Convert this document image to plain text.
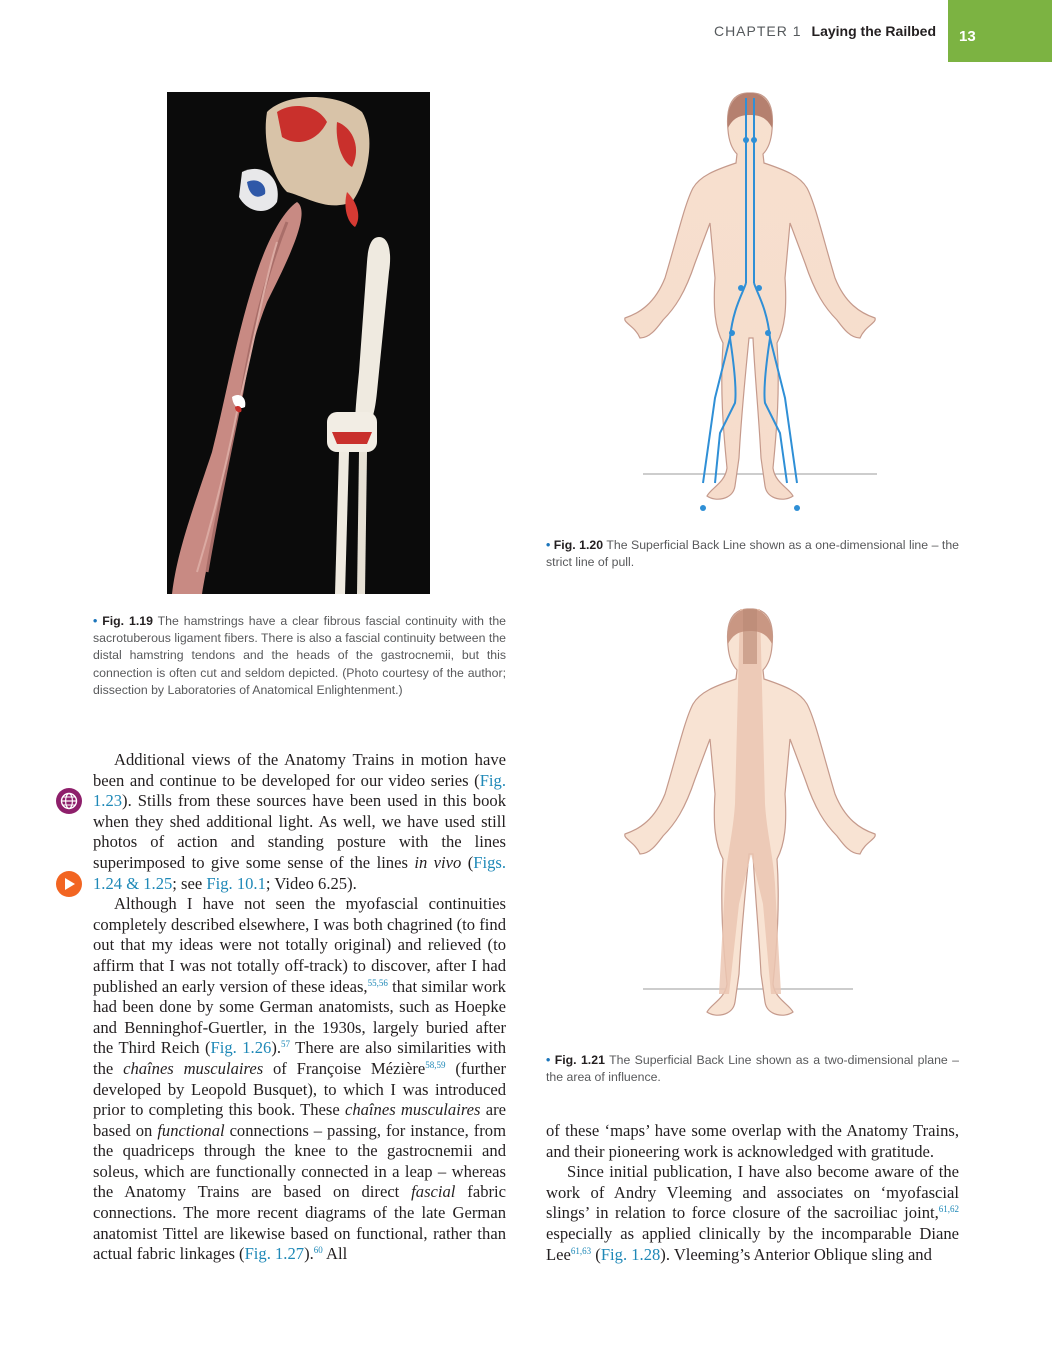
CHAPTER 1 Laying the Railbed	13
• Fig. 1.19 The hamstrings have a clear fibrous fascial continuity with the sacrotuberous ligament fibers. There is also a fascial continuity between the distal hamstring tendons and the heads of the gastrocnemii, but this connection is often cut and seldom depicted. (Photo courtesy of the author; dissection by Laboratories of Anatomical Enlightenment.)
• Fig. 1.20 The Superficial Back Line shown as a one-dimensional line – the strict line of pull.
• Fig. 1.21 The Superficial Back Line shown as a two-dimensional plane – the area of influence.

Additional views of the Anatomy Trains in motion have been and continue to be developed for our video series (Fig. 1.23). Stills from these sources have been used in this book when they shed additional light. As well, we have used still photos of action and standing posture with the lines superimposed to give some sense of the lines in vivo (Figs. 1.24 & 1.25; see Fig. 10.1; Video 6.25).

Although I have not seen the myofascial continuities completely described elsewhere, I was both chagrined (to find out that my ideas were not totally original) and relieved (to affirm that I was not totally off-track) to discover, after I had published an early version of these ideas,$^{55,56}$ that similar work had been done by some German anatomists, such as Hoepke and Benninghof-Guertler, in the 1930s, largely buried after the Third Reich (Fig. 1.26).$^{57}$ There are also similarities with the chaînes musculaires of Françoise Mézière$^{58,59}$ (further developed by Leopold Busquet), to which I was introduced prior to completing this book. These chaînes musculaires are based on functional connections – passing, for instance, from the quadriceps through the knee to the gastrocnemii and soleus, which are functionally connected in a leap – whereas the Anatomy Trains are based on direct fascial fabric connections. The more recent diagrams of the late German anatomist Tittel are likewise based on functional, rather than actual fabric linkages (Fig. 1.27).$^{60}$ All

of these ‘maps’ have some overlap with the Anatomy Trains, and their pioneering work is acknowledged with gratitude.

Since initial publication, I have also become aware of the work of Andry Vleeming and associates on ‘myofascial slings’ in relation to force closure of the sacroiliac joint,$^{61,62}$ especially as applied clinically by the incomparable Diane Lee$^{61,63}$ (Fig. 1.28). Vleeming’s Anterior Oblique sling and
